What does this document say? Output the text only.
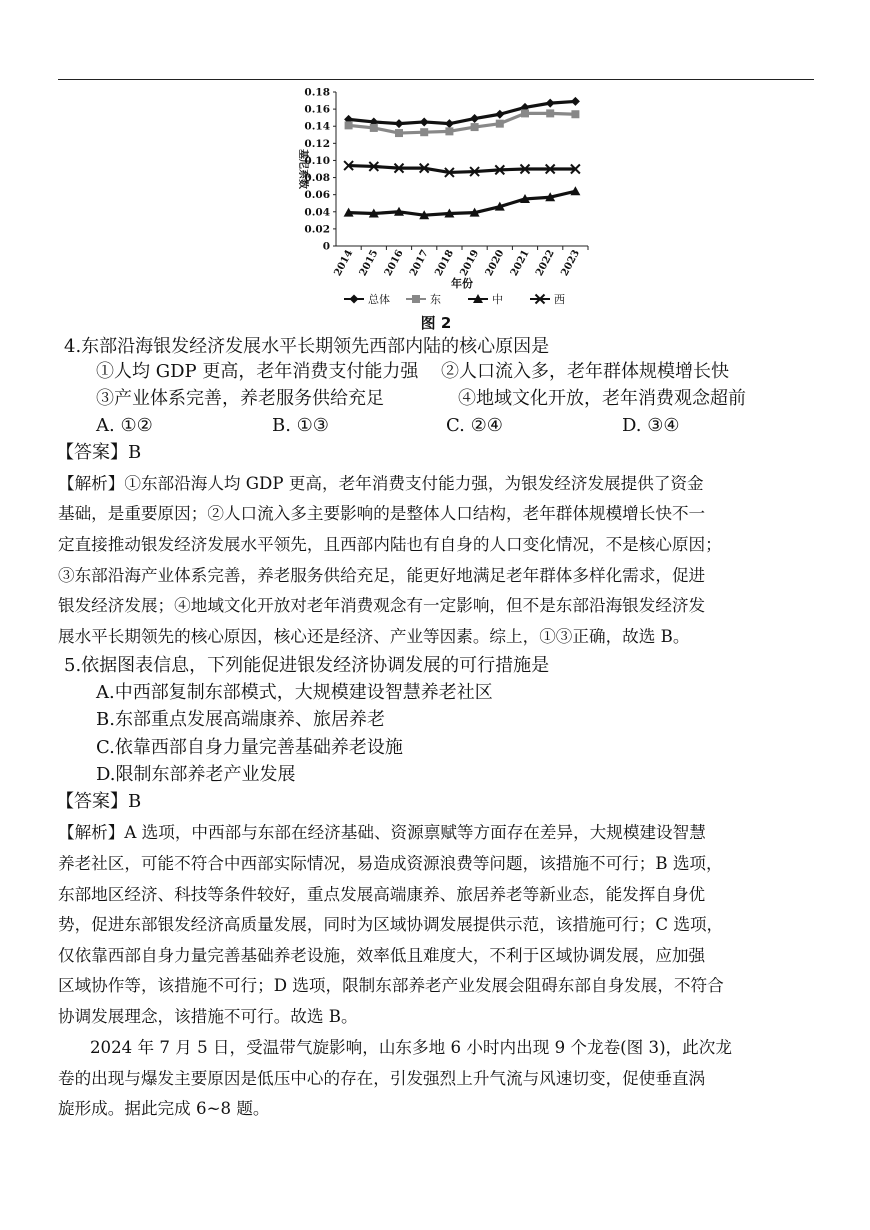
0
0.02
0.04
0.06
0.08
0.10
0.12
0.14
0.16
0.18
2014 2015 2016 2017 2018 2019 2020 2021 2022 2023
基尼系数
年份
总体	东	中	西
图 2
4.东部沿海银发经济发展水平长期领先西部内陆的核心原因是
①人均 GDP 更高，老年消费支付能力强 ②人口流入多，老年群体规模增长快
③产业体系完善，养老服务供给充足	④地域文化开放，老年消费观念超前
A. ①②	B. ①③	C. ②④	D. ③④
【答案】B
【解析】①东部沿海人均 GDP 更高，老年消费支付能力强，为银发经济发展提供了资金
基础，是重要原因；②人口流入多主要影响的是整体人口结构，老年群体规模增长快不一
定直接推动银发经济发展水平领先，且西部内陆也有自身的人口变化情况，不是核心原因；
③东部沿海产业体系完善，养老服务供给充足，能更好地满足老年群体多样化需求，促进
银发经济发展；④地域文化开放对老年消费观念有一定影响，但不是东部沿海银发经济发
展水平长期领先的核心原因，核心还是经济、产业等因素。综上，①③正确，故选 B。
5.依据图表信息，下列能促进银发经济协调发展的可行措施是
A.中西部复制东部模式，大规模建设智慧养老社区
B.东部重点发展高端康养、旅居养老
C.依靠西部自身力量完善基础养老设施
D.限制东部养老产业发展
【答案】B
【解析】A 选项，中西部与东部在经济基础、资源禀赋等方面存在差异，大规模建设智慧
养老社区，可能不符合中西部实际情况，易造成资源浪费等问题，该措施不可行；B 选项，
东部地区经济、科技等条件较好，重点发展高端康养、旅居养老等新业态，能发挥自身优
势，促进东部银发经济高质量发展，同时为区域协调发展提供示范，该措施可行；C 选项，
仅依靠西部自身力量完善基础养老设施，效率低且难度大，不利于区域协调发展，应加强
区域协作等，该措施不可行；D 选项，限制东部养老产业发展会阻碍东部自身发展，不符合
协调发展理念，该措施不可行。故选 B。
2024 年 7 月 5 日，受温带气旋影响，山东多地 6 小时内出现 9 个龙卷(图 3)，此次龙
卷的出现与爆发主要原因是低压中心的存在，引发强烈上升气流与风速切变，促使垂直涡
旋形成。据此完成 6~8 题。
